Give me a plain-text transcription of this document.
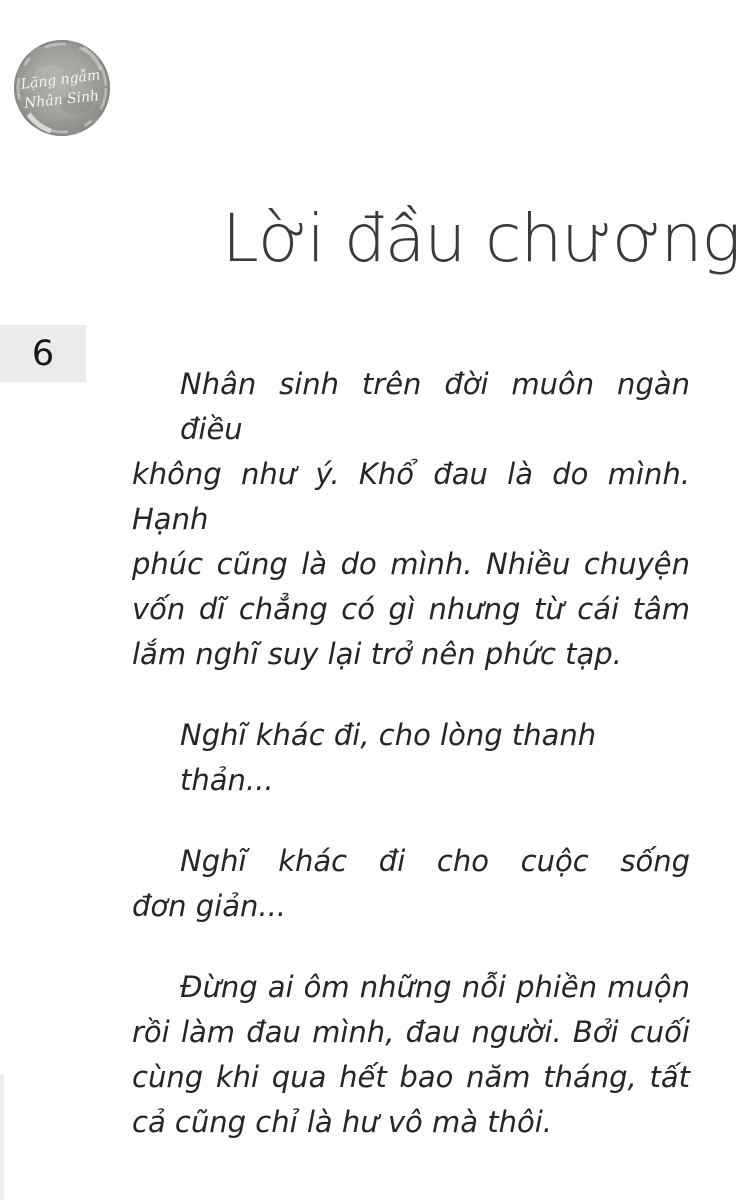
Lặng ngẫm
Nhân Sinh
Lời đầu chương
6
Nhân sinh trên đời muôn ngàn điều
không như ý. Khổ đau là do mình. Hạnh
phúc cũng là do mình. Nhiều chuyện
vốn dĩ chẳng có gì nhưng từ cái tâm
lắm nghĩ suy lại trở nên phức tạp.
Nghĩ khác đi, cho lòng thanh thản...
Nghĩ khác đi cho cuộc sống
đơn giản...
Đừng ai ôm những nỗi phiền muộn
rồi làm đau mình, đau người. Bởi cuối
cùng khi qua hết bao năm tháng, tất
cả cũng chỉ là hư vô mà thôi.
